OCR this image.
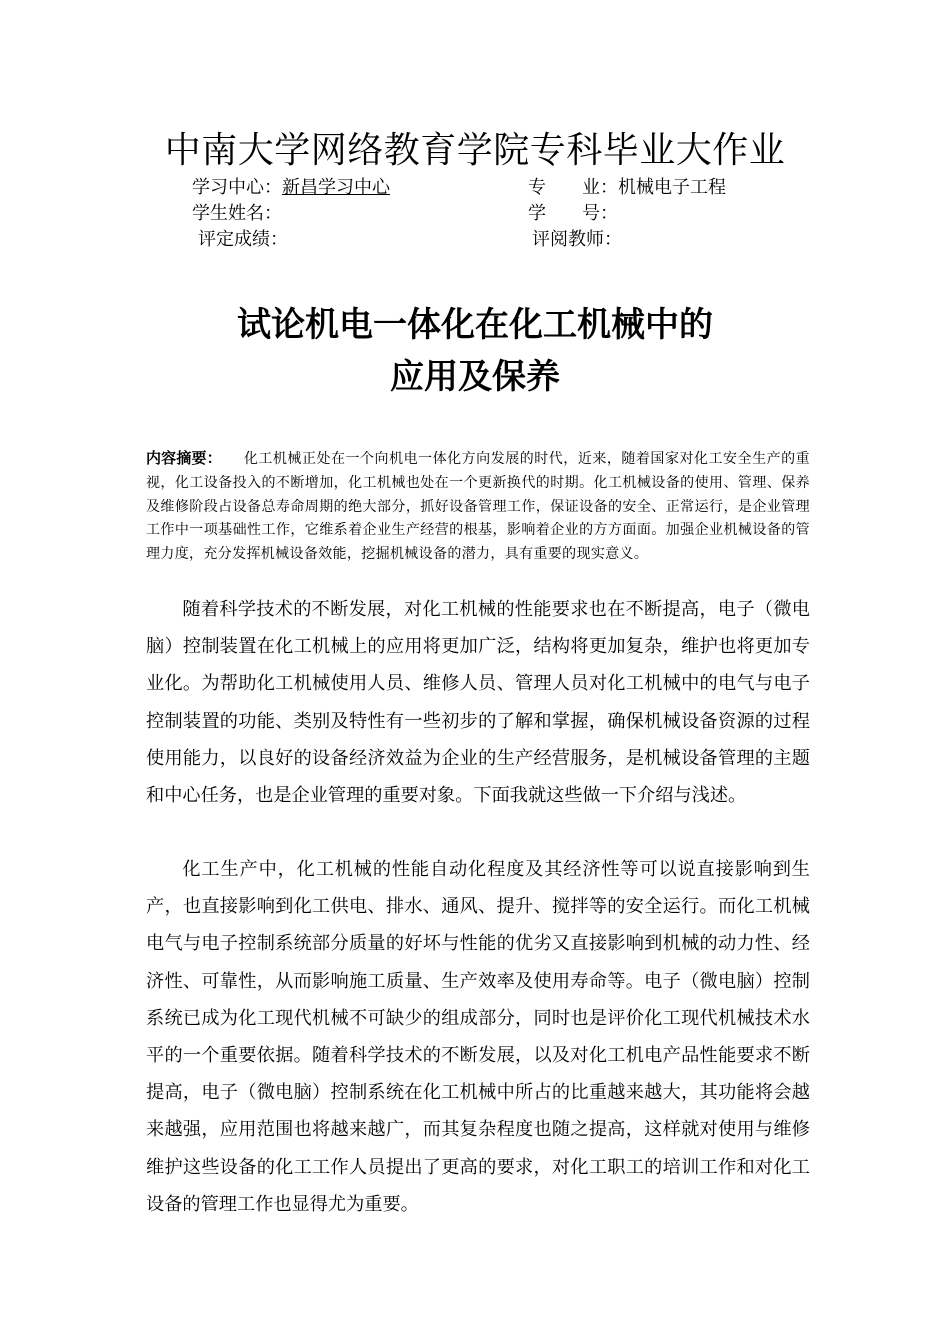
中南大学网络教育学院专科毕业大作业
学习中心：新昌学习中心	专　　业：机械电子工程
学生姓名：	学　　号：
评定成绩：	评阅教师：
试论机电一体化在化工机械中的
应用及保养
内容摘要： 化工机械正处在一个向机电一体化方向发展的时代，近来，随着国家对化工安全生产的重视，化工设备投入的不断增加，化工机械也处在一个更新换代的时期。化工机械设备的使用、管理、保养及维修阶段占设备总寿命周期的绝大部分，抓好设备管理工作，保证设备的安全、正常运行，是企业管理工作中一项基础性工作，它维系着企业生产经营的根基，影响着企业的方方面面。加强企业机械设备的管理力度，充分发挥机械设备效能，挖掘机械设备的潜力，具有重要的现实意义。

随着科学技术的不断发展，对化工机械的性能要求也在不断提高，电子（微电脑）控制装置在化工机械上的应用将更加广泛，结构将更加复杂，维护也将更加专业化。为帮助化工机械使用人员、维修人员、管理人员对化工机械中的电气与电子控制装置的功能、类别及特性有一些初步的了解和掌握，确保机械设备资源的过程使用能力，以良好的设备经济效益为企业的生产经营服务，是机械设备管理的主题和中心任务，也是企业管理的重要对象。下面我就这些做一下介绍与浅述。

化工生产中，化工机械的性能自动化程度及其经济性等可以说直接影响到生产，也直接影响到化工供电、排水、通风、提升、搅拌等的安全运行。而化工机械电气与电子控制系统部分质量的好坏与性能的优劣又直接影响到机械的动力性、经济性、可靠性，从而影响施工质量、生产效率及使用寿命等。电子（微电脑）控制系统已成为化工现代机械不可缺少的组成部分，同时也是评价化工现代机械技术水平的一个重要依据。随着科学技术的不断发展，以及对化工机电产品性能要求不断提高，电子（微电脑）控制系统在化工机械中所占的比重越来越大，其功能将会越来越强，应用范围也将越来越广，而其复杂程度也随之提高，这样就对使用与维修维护这些设备的化工工作人员提出了更高的要求，对化工职工的培训工作和对化工设备的管理工作也显得尤为重要。
